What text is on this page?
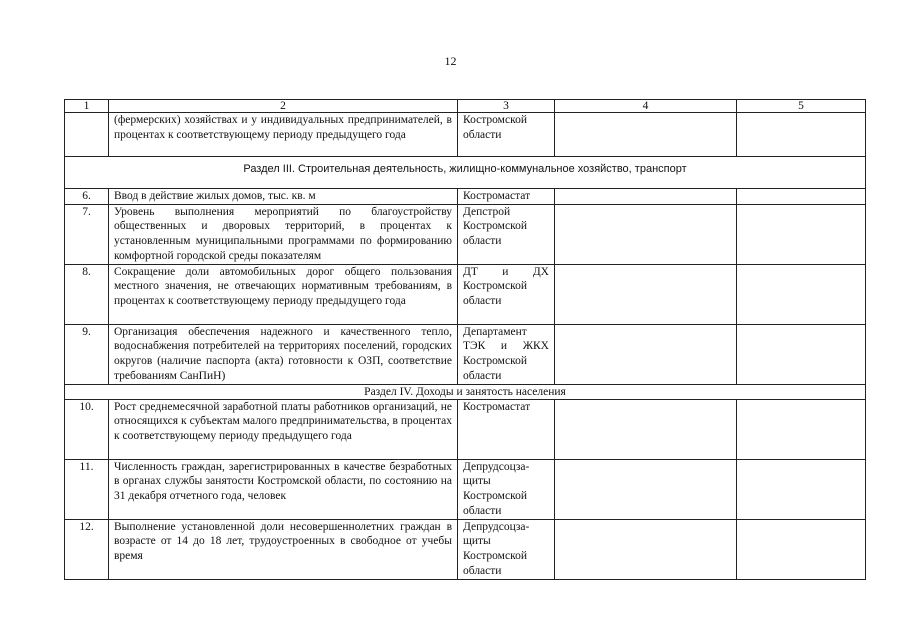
12
1	2	3	4	5
	(фермерских) хозяйствах и у индивидуальных предпринимателей, в процентах к соответствующему периоду предыдущего года	Костромской области		
Раздел III. Строительная деятельность, жилищно-коммунальное хозяйство, транспорт				
6.	Ввод в действие жилых домов, тыс. кв. м	Костромастат		
7.	Уровень выполнения мероприятий по благоустройству общественных и дворовых территорий, в процентах к установленным муниципальными программами по формированию комфортной городской среды показателям	Депстрой Костромской области		
8.	Сокращение доли автомобильных дорог общего пользования местного значения, не отвечающих нормативным требованиям, в процентах к соответствующему периоду предыдущего года	ДТ и ДХ Костромской области		
9.	Организация обеспечения надежного и качественного тепло, водоснабжения потребителей на территориях поселений, городских округов (наличие паспорта (акта) готовности к ОЗП, соответствие требованиям СанПиН)	Департамент ТЭК и ЖКХ Костромской области		
Раздел IV. Доходы и занятость населения				
10.	Рост среднемесячной заработной платы работников организаций, не относящихся к субъектам малого предпринимательства, в процентах к соответствующему периоду предыдущего года	Костромастат		
11.	Численность граждан, зарегистрированных в качестве безработных в органах службы занятости Костромской области, по состоянию на 31 декабря отчетного года, человек	Депрудсоцза-щиты Костромской области		
12.	Выполнение установленной доли несовершеннолетних граждан в возрасте от 14 до 18 лет, трудоустроенных в свободное от учебы время	Депрудсоцза-щиты Костромской области		
